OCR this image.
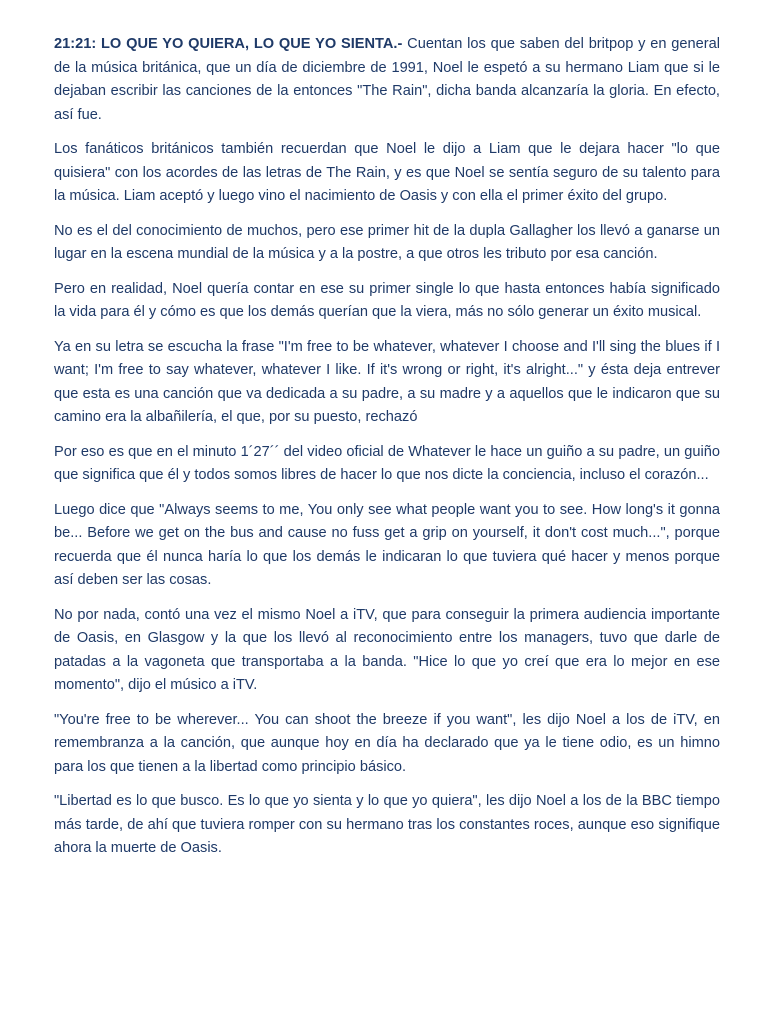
21:21: LO QUE YO QUIERA, LO QUE YO SIENTA.- Cuentan los que saben del britpop y en general de la música británica, que un día de diciembre de 1991, Noel le espetó a su hermano Liam que si le dejaban escribir las canciones de la entonces "The Rain", dicha banda alcanzaría la gloria. En efecto, así fue.

Los fanáticos británicos también recuerdan que Noel le dijo a Liam que le dejara hacer "lo que quisiera" con los acordes de las letras de The Rain, y es que Noel se sentía seguro de su talento para la música. Liam aceptó y luego vino el nacimiento de Oasis y con ella el primer éxito del grupo.

No es el del conocimiento de muchos, pero ese primer hit de la dupla Gallagher los llevó a ganarse un lugar en la escena mundial de la música y a la postre, a que otros les tributo por esa canción.

Pero en realidad, Noel quería contar en ese su primer single lo que hasta entonces había significado la vida para él y cómo es que los demás querían que la viera, más no sólo generar un éxito musical.

Ya en su letra se escucha la frase "I'm free to be whatever, whatever I choose and I'll sing the blues if I want; I'm free to say whatever, whatever I like. If it's wrong or right, it's alright..." y ésta deja entrever que esta es una canción que va dedicada a su padre, a su madre y a aquellos que le indicaron que su camino era la albañilería, el que, por su puesto, rechazó

Por eso es que en el minuto 1´27´´ del video oficial de Whatever le hace un guiño a su padre, un guiño que significa que él y todos somos libres de hacer lo que nos dicte la conciencia, incluso el corazón...

Luego dice que "Always seems to me, You only see what people want you to see. How long's it gonna be... Before we get on the bus and cause no fuss get a grip on yourself, it don't cost much...", porque recuerda que él nunca haría lo que los demás le indicaran lo que tuviera qué hacer y menos porque así deben ser las cosas.

No por nada, contó una vez el mismo Noel a iTV, que para conseguir la primera audiencia importante de Oasis, en Glasgow y la que los llevó al reconocimiento entre los managers, tuvo que darle de patadas a la vagoneta que transportaba a la banda. "Hice lo que yo creí que era lo mejor en ese momento", dijo el músico a iTV.

"You're free to be wherever... You can shoot the breeze if you want", les dijo Noel a los de iTV, en remembranza a la canción, que aunque hoy en día ha declarado que ya le tiene odio, es un himno para los que tienen a la libertad como principio básico.

"Libertad es lo que busco. Es lo que yo sienta y lo que yo quiera", les dijo Noel a los de la BBC tiempo más tarde, de ahí que tuviera romper con su hermano tras los constantes roces, aunque eso signifique ahora la muerte de Oasis.
